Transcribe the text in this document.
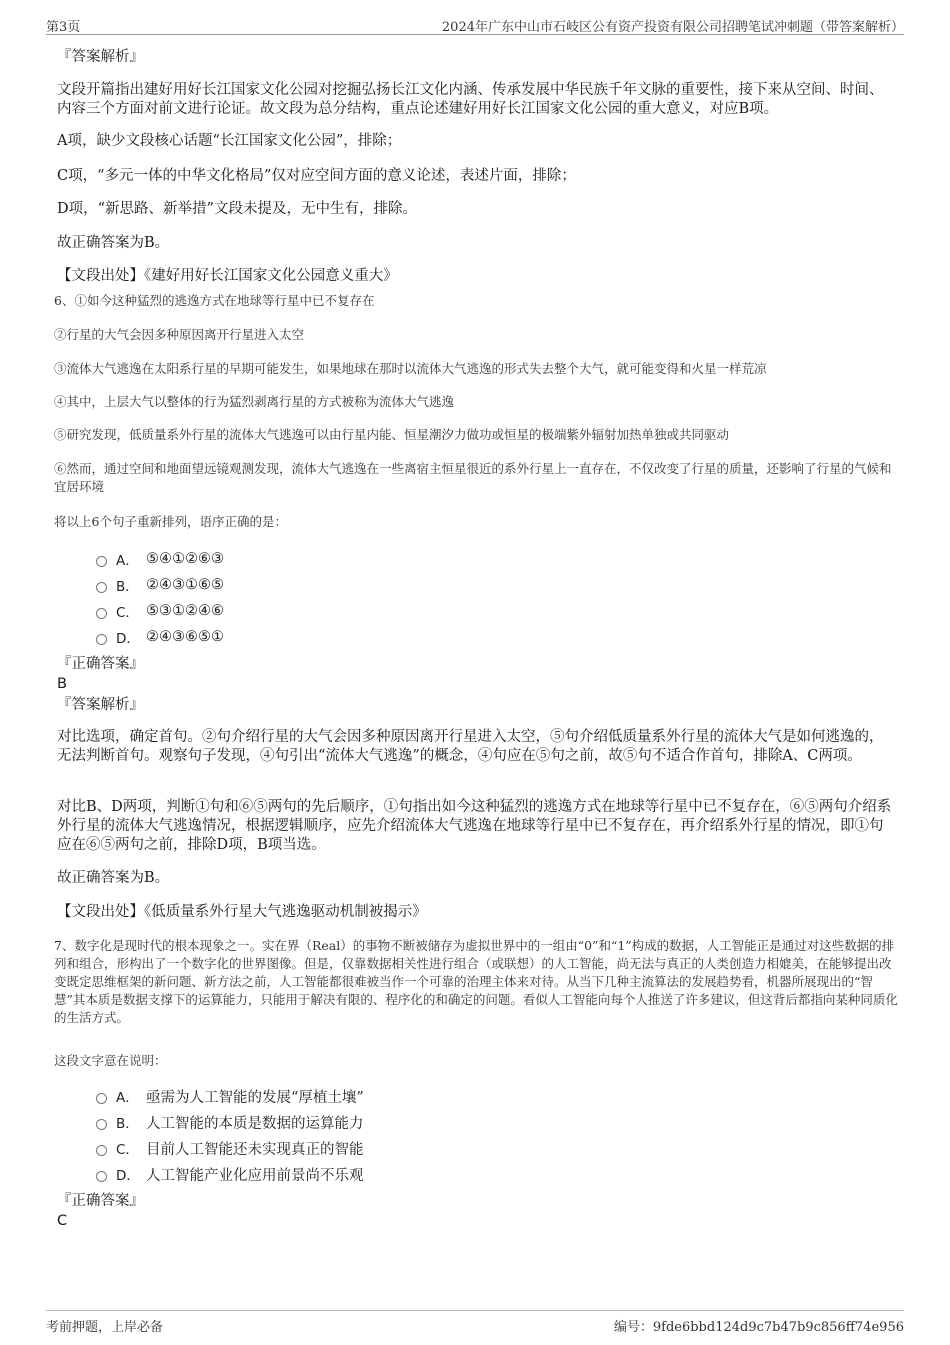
第3页	2024年广东中山市石岐区公有资产投资有限公司招聘笔试冲刺题（带答案解析）
『答案解析』
文段开篇指出建好用好长江国家文化公园对挖掘弘扬长江文化内涵、传承发展中华民族千年文脉的重要性，接下来从空间、时间、内容三个方面对前文进行论证。故文段为总分结构，重点论述建好用好长江国家文化公园的重大意义，对应B项。
A项，缺少文段核心话题“长江国家文化公园”，排除；
C项，“多元一体的中华文化格局”仅对应空间方面的意义论述，表述片面，排除；
D项，“新思路、新举措”文段未提及，无中生有，排除。
故正确答案为B。
【文段出处】《建好用好长江国家文化公园意义重大》
6、①如今这种猛烈的逃逸方式在地球等行星中已不复存在
②行星的大气会因多种原因离开行星进入太空
③流体大气逃逸在太阳系行星的早期可能发生，如果地球在那时以流体大气逃逸的形式失去整个大气，就可能变得和火星一样荒凉
④其中，上层大气以整体的行为猛烈剥离行星的方式被称为流体大气逃逸
⑤研究发现，低质量系外行星的流体大气逃逸可以由行星内能、恒星潮汐力做功或恒星的极端紫外辐射加热单独或共同驱动
⑥然而，通过空间和地面望远镜观测发现，流体大气逃逸在一些离宿主恒星很近的系外行星上一直存在，不仅改变了行星的质量，还影响了行星的气候和宜居环境
将以上6个句子重新排列，语序正确的是：
A． ⑤④①②⑥③
B． ②④③①⑥⑤
C． ⑤③①②④⑥
D． ②④③⑥⑤①
『正确答案』
B
『答案解析』
对比选项，确定首句。②句介绍行星的大气会因多种原因离开行星进入太空，⑤句介绍低质量系外行星的流体大气是如何逃逸的，无法判断首句。观察句子发现，④句引出“流体大气逃逸”的概念，④句应在⑤句之前，故⑤句不适合作首句，排除A、C两项。
对比B、D两项，判断①句和⑥⑤两句的先后顺序，①句指出如今这种猛烈的逃逸方式在地球等行星中已不复存在，⑥⑤两句介绍系外行星的流体大气逃逸情况，根据逻辑顺序，应先介绍流体大气逃逸在地球等行星中已不复存在，再介绍系外行星的情况，即①句应在⑥⑤两句之前，排除D项，B项当选。
故正确答案为B。
【文段出处】《低质量系外行星大气逃逸驱动机制被揭示》
7、数字化是现时代的根本现象之一。实在界（Real）的事物不断被储存为虚拟世界中的一组由“0”和“1”构成的数据，人工智能正是通过对这些数据的排列和组合，形构出了一个数字化的世界图像。但是，仅靠数据相关性进行组合（或联想）的人工智能，尚无法与真正的人类创造力相媲美，在能够提出改变既定思维框架的新问题、新方法之前，人工智能都很难被当作一个可靠的治理主体来对待。从当下几种主流算法的发展趋势看，机器所展现出的“智慧”其本质是数据支撑下的运算能力，只能用于解决有限的、程序化的和确定的问题。看似人工智能向每个人推送了许多建议，但这背后都指向某种同质化的生活方式。
这段文字意在说明：
A． 亟需为人工智能的发展“厚植土壤”
B． 人工智能的本质是数据的运算能力
C． 目前人工智能还未实现真正的智能
D． 人工智能产业化应用前景尚不乐观
『正确答案』
C
考前押题，上岸必备	编号：9fde6bbd124d9c7b47b9c856ff74e956
